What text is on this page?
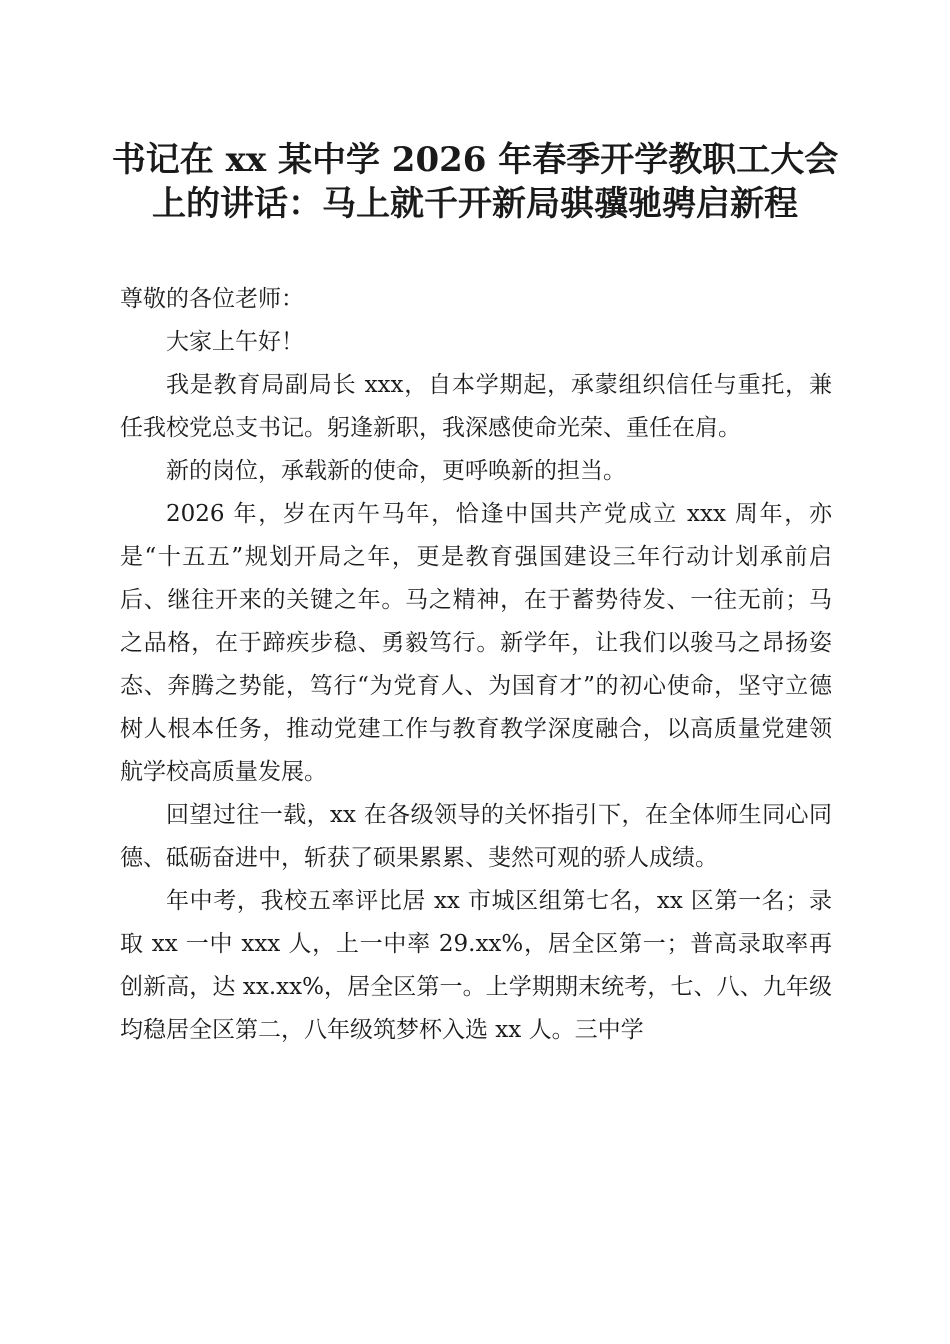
书记在 xx 某中学 2026 年春季开学教职工大会
上的讲话：马上就千开新局骐骥驰骋启新程

尊敬的各位老师：

大家上午好！

我是教育局副局长 xxx，自本学期起，承蒙组织信任与重托，兼任我校党总支书记。躬逢新职，我深感使命光荣、重任在肩。

新的岗位，承载新的使命，更呼唤新的担当。

2026 年，岁在丙午马年，恰逢中国共产党成立 xxx 周年，亦是“十五五”规划开局之年，更是教育强国建设三年行动计划承前启后、继往开来的关键之年。马之精神，在于蓄势待发、一往无前；马之品格，在于蹄疾步稳、勇毅笃行。新学年，让我们以骏马之昂扬姿态、奔腾之势能，笃行“为党育人、为国育才”的初心使命，坚守立德树人根本任务，推动党建工作与教育教学深度融合，以高质量党建领航学校高质量发展。

回望过往一载，xx 在各级领导的关怀指引下，在全体师生同心同德、砥砺奋进中，斩获了硕果累累、斐然可观的骄人成绩。

年中考，我校五率评比居 xx 市城区组第七名，xx 区第一名；录取 xx 一中 xxx 人，上一中率 29.xx%，居全区第一；普高录取率再创新高，达 xx.xx%，居全区第一。上学期期末统考，七、八、九年级均稳居全区第二，八年级筑梦杯入选 xx 人。三中学
